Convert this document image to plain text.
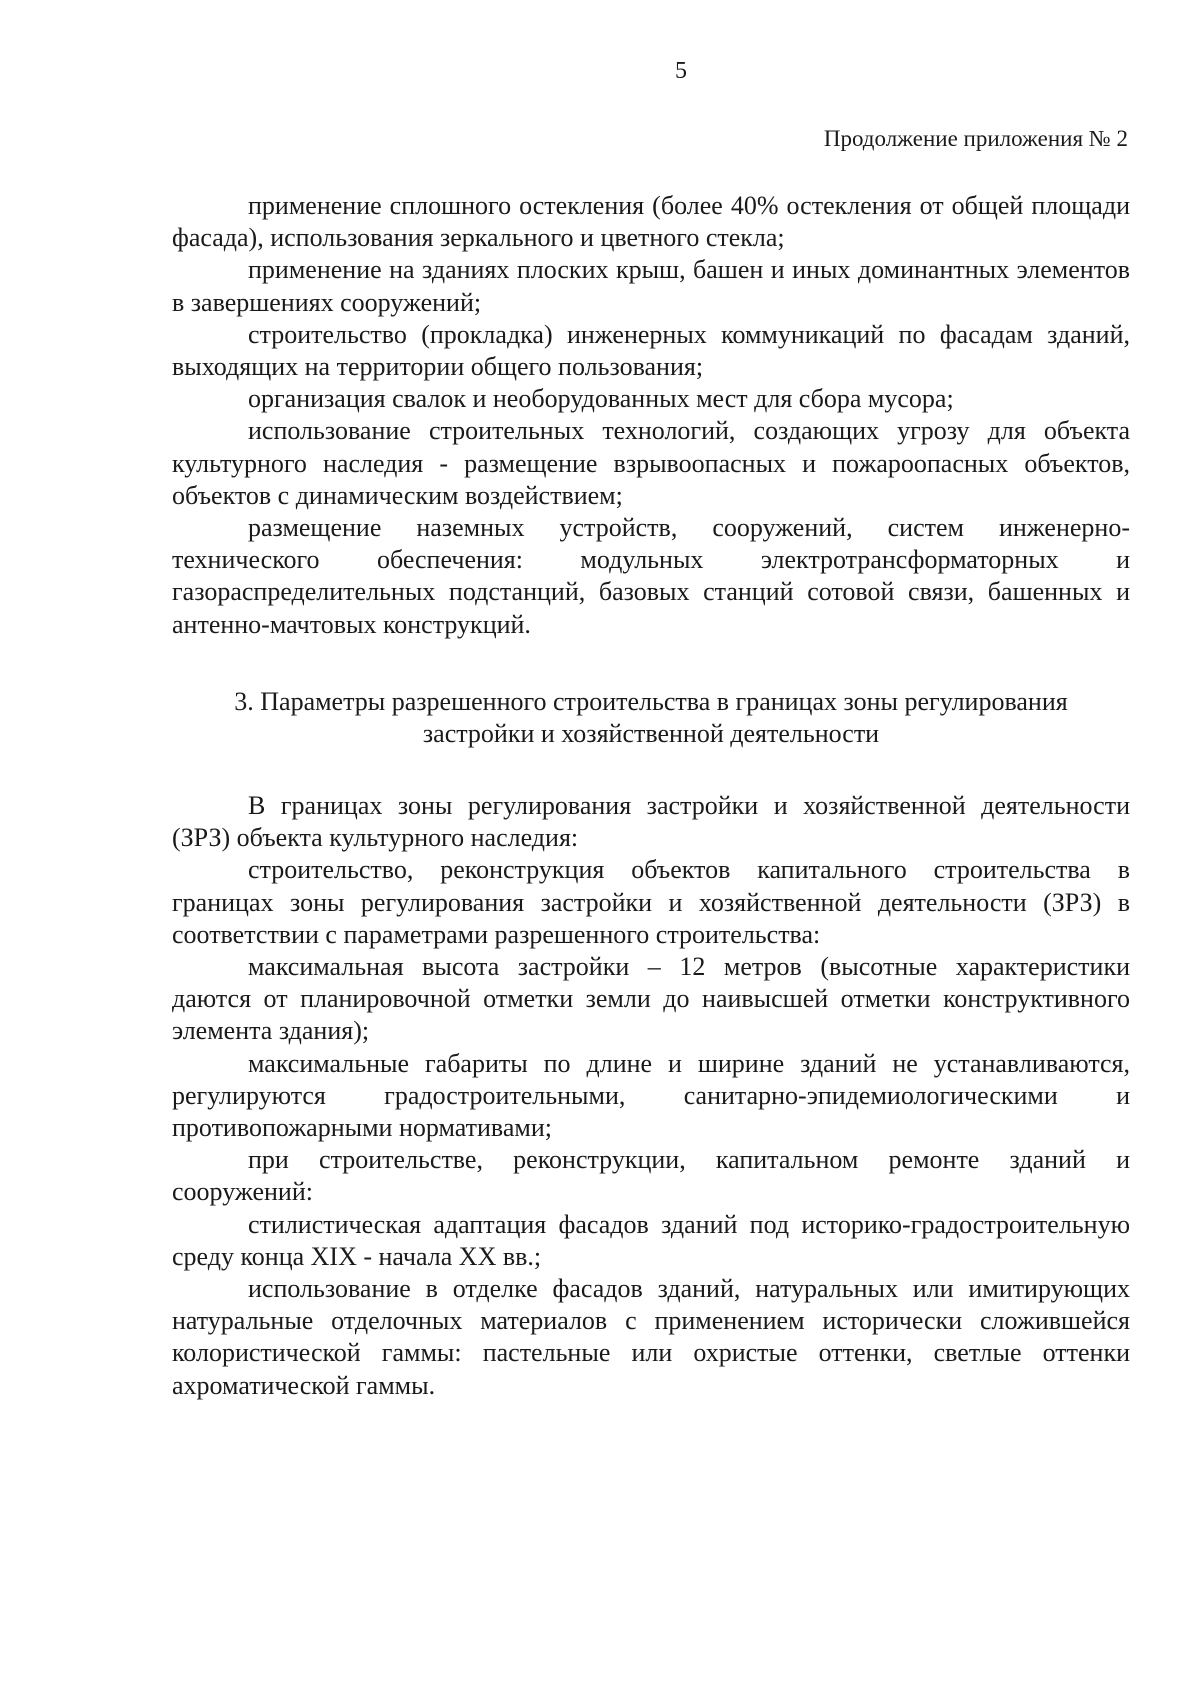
5
Продолжение приложения № 2

применение сплошного остекления (более 40% остекления от общей площади фасада), использования зеркального и цветного стекла;

применение на зданиях плоских крыш, башен и иных доминантных элементов в завершениях сооружений;

строительство (прокладка) инженерных коммуникаций по фасадам зданий, выходящих на территории общего пользования;

организация свалок и необорудованных мест для сбора мусора;

использование строительных технологий, создающих угрозу для объекта культурного наследия - размещение взрывоопасных и пожароопасных объектов, объектов с динамическим воздействием;

размещение наземных устройств, сооружений, систем инженерно-технического обеспечения: модульных электротрансформаторных и газораспределительных подстанций, базовых станций сотовой связи, башенных и антенно-мачтовых конструкций.

3. Параметры разрешенного строительства в границах зоны регулирования
застройки и хозяйственной деятельности

В границах зоны регулирования застройки и хозяйственной деятельности (ЗРЗ) объекта культурного наследия:

строительство, реконструкция объектов капитального строительства в границах зоны регулирования застройки и хозяйственной деятельности (ЗРЗ) в соответствии с параметрами разрешенного строительства:

максимальная высота застройки – 12 метров (высотные характеристики даются от планировочной отметки земли до наивысшей отметки конструктивного элемента здания);

максимальные габариты по длине и ширине зданий не устанавливаются, регулируются градостроительными, санитарно-эпидемиологическими и противопожарными нормативами;

при строительстве, реконструкции, капитальном ремонте зданий и сооружений:

стилистическая адаптация фасадов зданий под историко-градостроительную среду конца XIX - начала XX вв.;

использование в отделке фасадов зданий, натуральных или имитирующих натуральные отделочных материалов с применением исторически сложившейся колористической гаммы: пастельные или охристые оттенки, светлые оттенки ахроматической гаммы.
